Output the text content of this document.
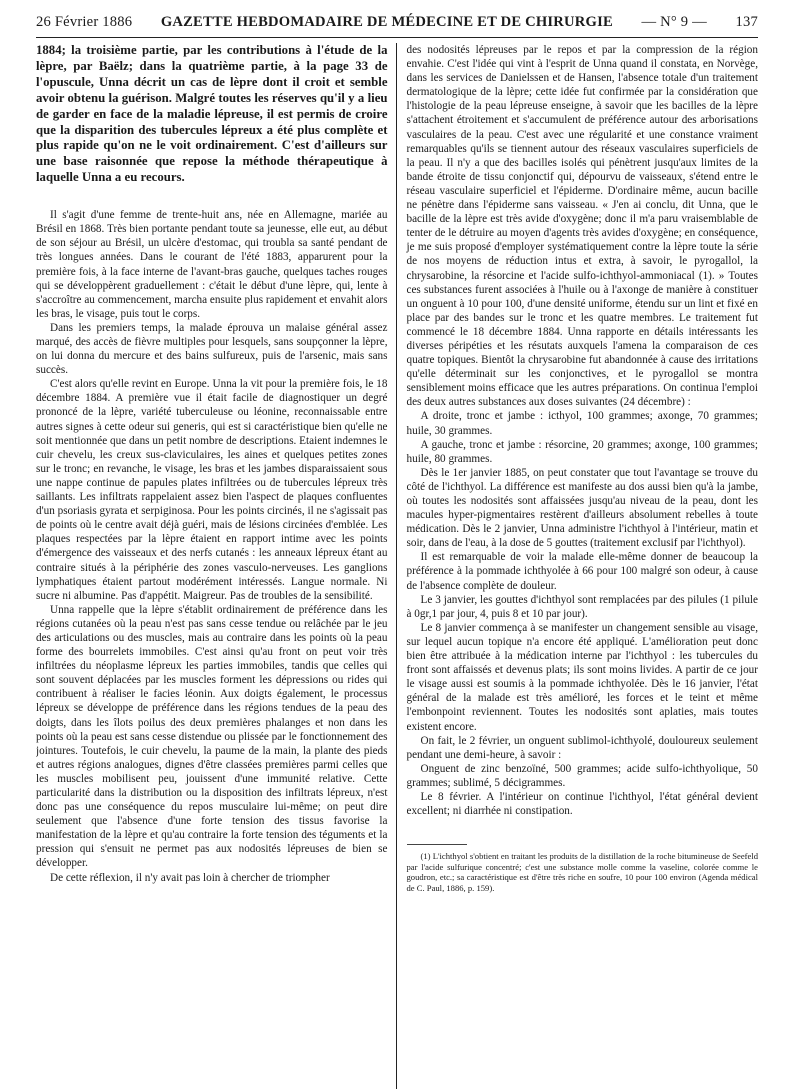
26 Février 1886 GAZETTE HEBDOMADAIRE DE MÉDECINE ET DE CHIRURGIE — N° 9 — 137

1884; la troisième partie, par les contributions à l'étude de la lèpre, par Baëlz; dans la quatrième partie, à la page 33 de l'opuscule, Unna décrit un cas de lèpre dont il croit et semble avoir obtenu la guérison. Malgré toutes les réserves qu'il y a lieu de garder en face de la maladie lépreuse, il est permis de croire que la disparition des tubercules lépreux a été plus complète et plus rapide qu'on ne le voit ordinairement. C'est d'ailleurs sur une base raisonnée que repose la méthode thérapeutique à laquelle Unna a eu recours.

Il s'agit d'une femme de trente-huit ans, née en Allemagne, mariée au Brésil en 1868. Très bien portante pendant toute sa jeunesse, elle eut, au début de son séjour au Brésil, un ulcère d'estomac, qui troubla sa santé pendant de très longues années. Dans le courant de l'été 1883, apparurent pour la première fois, à la face interne de l'avant-bras gauche, quelques taches rouges qui se développèrent graduellement : c'était le début d'une lèpre, qui, lente à s'accroître au commencement, marcha ensuite plus rapidement et envahit alors les bras, le visage, puis tout le corps.

Dans les premiers temps, la malade éprouva un malaise général assez marqué, des accès de fièvre multiples pour lesquels, sans soupçonner la lèpre, on lui donna du mercure et des bains sulfureux, puis de l'arsenic, mais sans succès.

C'est alors qu'elle revint en Europe. Unna la vit pour la première fois, le 18 décembre 1884. A première vue il était facile de diagnostiquer un degré prononcé de la lèpre, variété tuberculeuse ou léonine, reconnaissable entre autres signes à cette odeur sui generis, qui est si caractéristique bien qu'elle ne soit mentionnée que dans un petit nombre de descriptions. Etaient indemnes le cuir chevelu, les creux sus-claviculaires, les aines et quelques petites zones sur le tronc; en revanche, le visage, les bras et les jambes disparaissaient sous une nappe continue de papules plates infiltrées ou de tubercules lépreux très saillants. Les infiltrats rappelaient assez bien l'aspect de plaques confluentes d'un psoriasis gyrata et serpiginosa. Pour les points circinés, il ne s'agissait pas de points où le centre avait déjà guéri, mais de lésions circinées d'emblée. Les plaques respectées par la lèpre étaient en rapport intime avec les points d'émergence des vaisseaux et des nerfs cutanés : les anneaux lépreux étant au contraire situés à la périphérie des zones vasculo-nerveuses. Les ganglions lymphatiques étaient partout modérément intéressés. Langue normale. Ni sucre ni albumine. Pas d'appétit. Maigreur. Pas de troubles de la sensibilité.

Unna rappelle que la lèpre s'établit ordinairement de préférence dans les régions cutanées où la peau n'est pas sans cesse tendue ou relâchée par le jeu des articulations ou des muscles, mais au contraire dans les points où la peau forme des bourrelets immobiles. C'est ainsi qu'au front on peut voir très infiltrées du néoplasme lépreux les parties immobiles, tandis que celles qui sont souvent déplacées par les muscles forment les dépressions ou rides qui contribuent à réaliser le facies léonin. Aux doigts également, le processus lépreux se développe de préférence dans les régions tendues de la peau des doigts, dans les îlots poilus des deux premières phalanges et non dans les points où la peau est sans cesse distendue ou plissée par le fonctionnement des jointures. Toutefois, le cuir chevelu, la paume de la main, la plante des pieds et autres régions analogues, dignes d'être classées premières parmi celles que les muscles mobilisent peu, jouissent d'une immunité relative. Cette particularité dans la distribution ou la disposition des infiltrats lépreux, n'est donc pas une conséquence du repos musculaire lui-même; on peut dire seulement que l'absence d'une forte tension des tissus favorise la manifestation de la lèpre et qu'au contraire la forte tension des téguments et la pression qui s'ensuit ne permet pas aux nodosités lépreuses de bien se développer.

De cette réflexion, il n'y avait pas loin à chercher de triompher

des nodosités lépreuses par le repos et par la compression de la région envahie. C'est l'idée qui vint à l'esprit de Unna quand il constata, en Norvège, dans les services de Danielssen et de Hansen, l'absence totale d'un traitement dermatologique de la lèpre; cette idée fut confirmée par la considération que l'histologie de la peau lépreuse enseigne, à savoir que les bacilles de la lèpre s'attachent étroitement et s'accumulent de préférence autour des arborisations vasculaires de la peau. C'est avec une régularité et une constance vraiment remarquables qu'ils se tiennent autour des réseaux vasculaires superficiels de la peau. Il n'y a que des bacilles isolés qui pénètrent jusqu'aux limites de la bande étroite de tissu conjonctif qui, dépourvu de vaisseaux, s'étend entre le réseau vasculaire superficiel et l'épiderme. D'ordinaire même, aucun bacille ne pénètre dans l'épiderme sans vaisseau. « J'en ai conclu, dit Unna, que le bacille de la lèpre est très avide d'oxygène; donc il m'a paru vraisemblable de tenter de le détruire au moyen d'agents très avides d'oxygène; en conséquence, je me suis proposé d'employer systématiquement contre la lèpre toute la série de nos moyens de réduction intus et extra, à savoir, le pyrogallol, la chrysarobine, la résorcine et l'acide sulfo-ichthyol-ammoniacal (1). » Toutes ces substances furent associées à l'huile ou à l'axonge de manière à constituer un onguent à 10 pour 100, d'une densité uniforme, étendu sur un lint et fixé en place par des bandes sur le tronc et les quatre membres. Le traitement fut commencé le 18 décembre 1884. Unna rapporte en détails intéressants les diverses péripéties et les résutats auxquels l'amena la comparaison de ces quatre topiques. Bientôt la chrysarobine fut abandonnée à cause des irritations qu'elle déterminait sur les conjonctives, et le pyrogallol se montra sensiblement moins efficace que les autres préparations. On continua l'emploi des deux autres substances aux doses suivantes (24 décembre) :

A droite, tronc et jambe : icthyol, 100 grammes; axonge, 70 grammes; huile, 30 grammes.

A gauche, tronc et jambe : résorcine, 20 grammes; axonge, 100 grammes; huile, 80 grammes.

Dès le 1er janvier 1885, on peut constater que tout l'avantage se trouve du côté de l'ichthyol. La différence est manifeste au dos aussi bien qu'à la jambe, où toutes les nodosités sont affaissées jusqu'au niveau de la peau, dont les macules hyper-pigmentaires restèrent d'ailleurs absolument rebelles à toute médication. Dès le 2 janvier, Unna administre l'ichthyol à l'intérieur, matin et soir, dans de l'eau, à la dose de 5 gouttes (traitement exclusif par l'ichthyol).

Il est remarquable de voir la malade elle-même donner de beaucoup la préférence à la pommade ichthyolée à 66 pour 100 malgré son odeur, à cause de l'absence complète de douleur.

Le 3 janvier, les gouttes d'ichthyol sont remplacées par des pilules (1 pilule à 0gr,1 par jour, 4, puis 8 et 10 par jour).

Le 8 janvier commença à se manifester un changement sensible au visage, sur lequel aucun topique n'a encore été appliqué. L'amélioration peut donc bien être attribuée à la médication interne par l'ichthyol : les tubercules du front sont affaissés et devenus plats; ils sont moins livides. A partir de ce jour le visage aussi est soumis à la pommade ichthyolée. Dès le 16 janvier, l'état général de la malade est très amélioré, les forces et le teint et même l'embonpoint reviennent. Toutes les nodosités sont aplaties, mais toutes existent encore.

On fait, le 2 février, un onguent sublimol-ichthyolé, douloureux seulement pendant une demi-heure, à savoir :

Onguent de zinc benzoïné, 500 grammes; acide sulfo-ichthyolique, 50 grammes; sublimé, 5 décigrammes.

Le 8 février. A l'intérieur on continue l'ichthyol, l'état général devient excellent; ni diarrhée ni constipation.

(1) L'ichthyol s'obtient en traitant les produits de la distillation de la roche bitumineuse de Seefeld par l'acide sulfurique concentré; c'est une substance molle comme la vaseline, colorée comme le goudron, etc.; sa caractéristique est d'être très riche en soufre, 10 pour 100 environ (Agenda médical de C. Paul, 1886, p. 159).
